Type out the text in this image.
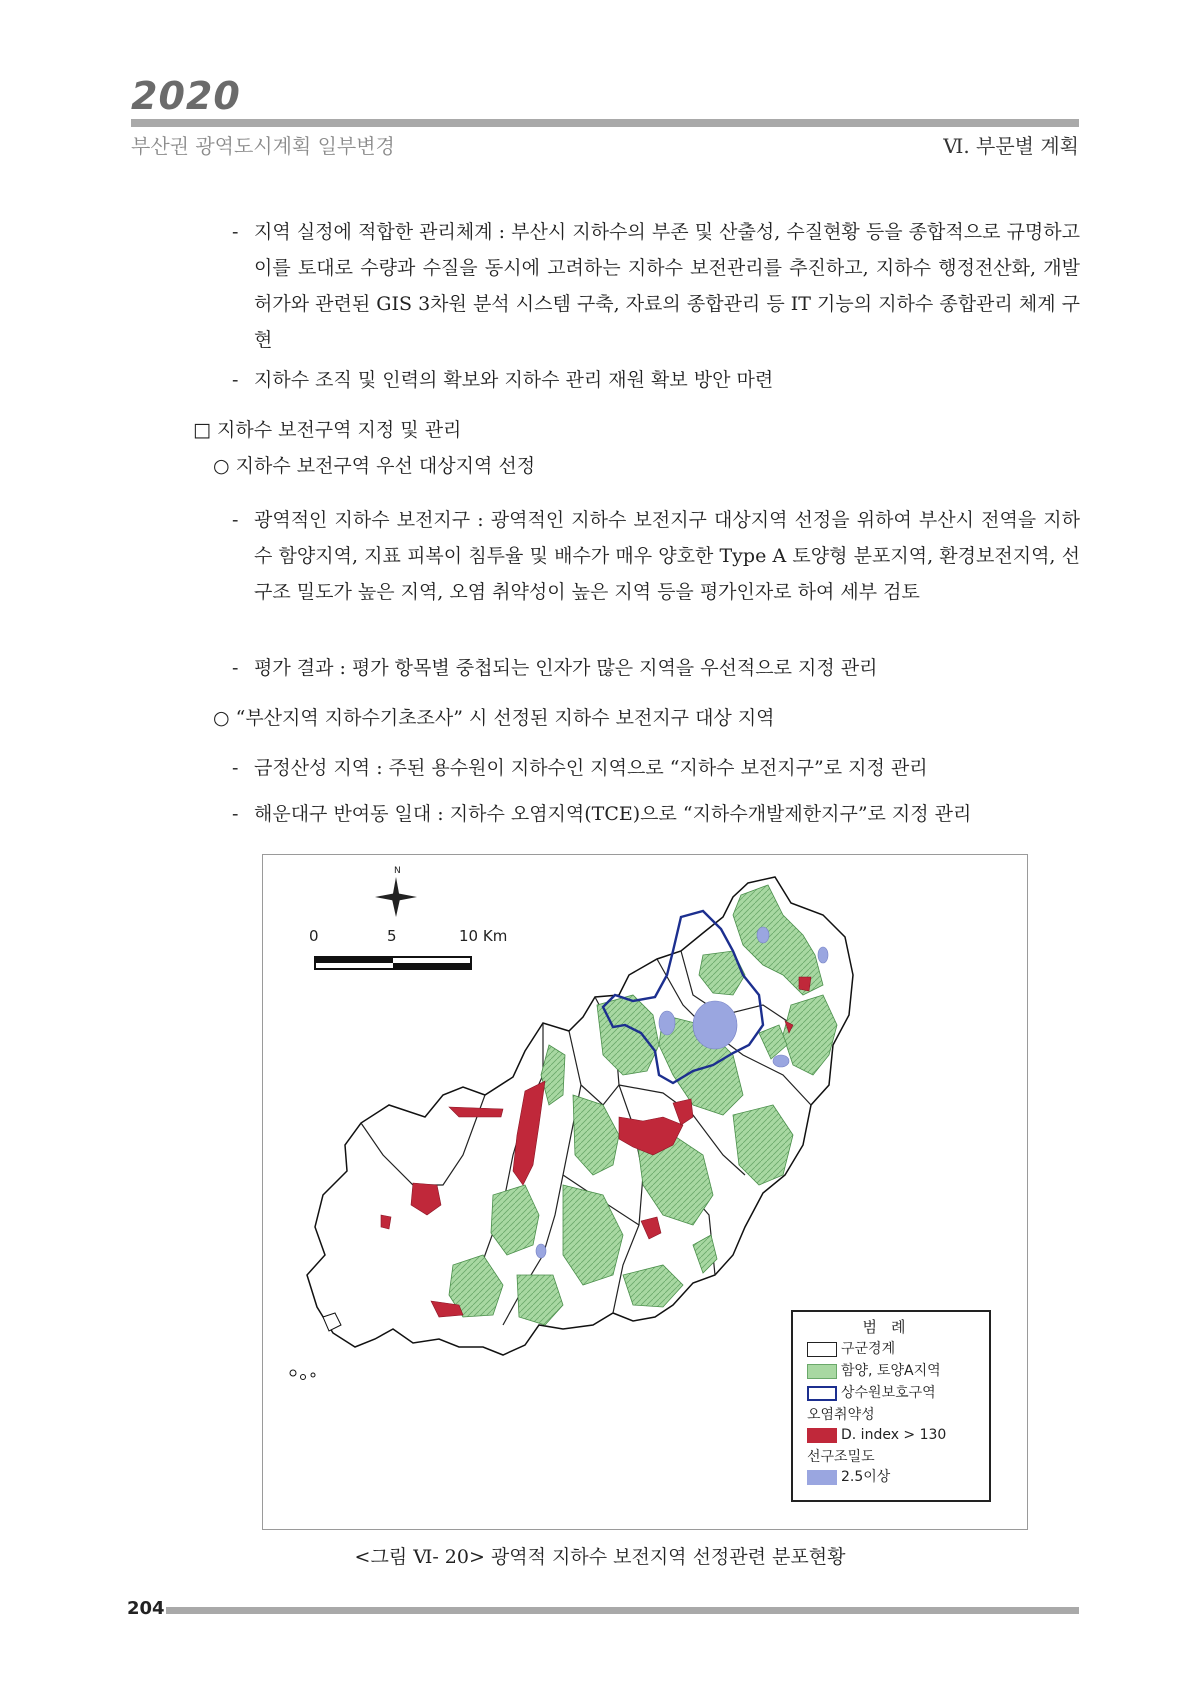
2020
부산권 광역도시계획 일부변경	Ⅵ. 부문별 계획
- 지역 실정에 적합한 관리체계 : 부산시 지하수의 부존 및 산출성, 수질현황 등을 종합적으로 규명하고 이를 토대로 수량과 수질을 동시에 고려하는 지하수 보전관리를 추진하고, 지하수 행정전산화, 개발 허가와 관련된 GIS 3차원 분석 시스템 구축, 자료의 종합관리 등 IT 기능의 지하수 종합관리 체계 구현
- 지하수 조직 및 인력의 확보와 지하수 관리 재원 확보 방안 마련
□ 지하수 보전구역 지정 및 관리
○ 지하수 보전구역 우선 대상지역 선정
- 광역적인 지하수 보전지구 : 광역적인 지하수 보전지구 대상지역 선정을 위하여 부산시 전역을 지하수 함양지역, 지표 피복이 침투율 및 배수가 매우 양호한 Type A 토양형 분포지역, 환경보전지역, 선구조 밀도가 높은 지역, 오염 취약성이 높은 지역 등을 평가인자로 하여 세부 검토
- 평가 결과 : 평가 항목별 중첩되는 인자가 많은 지역을 우선적으로 지정 관리
○ “부산지역 지하수기초조사” 시 선정된 지하수 보전지구 대상 지역
- 금정산성 지역 : 주된 용수원이 지하수인 지역으로 “지하수 보전지구”로 지정 관리
- 해운대구 반여동 일대 : 지하수 오염지역(TCE)으로 “지하수개발제한지구”로 지정 관리
N
0	5	10 Km
범례
구군경계
함양, 토양A지역
상수원보호구역
오염취약성
D. index > 130
선구조밀도
2.5이상
<그림 Ⅵ- 20> 광역적 지하수 보전지역 선정관련 분포현황
204
